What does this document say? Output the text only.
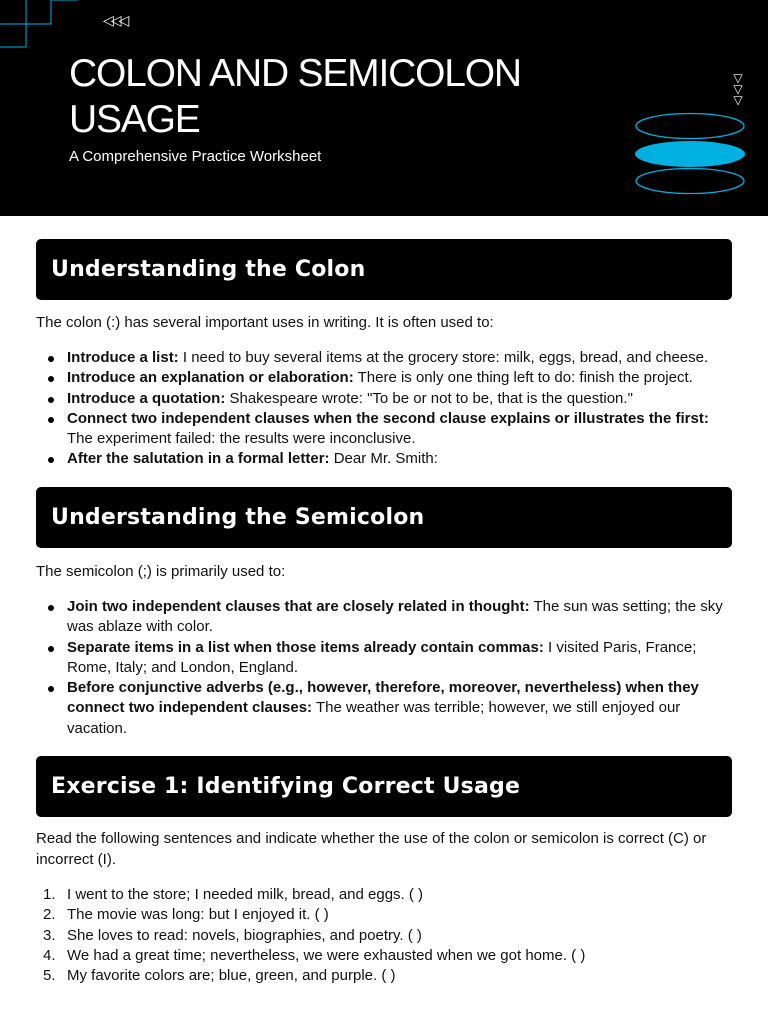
◁◁◁
COLON AND SEMICOLON USAGE
A Comprehensive Practice Worksheet
▽
▽
▽
Understanding the Colon

The colon (:) has several important uses in writing. It is often used to:

Introduce a list: I need to buy several items at the grocery store: milk, eggs, bread, and cheese.
Introduce an explanation or elaboration: There is only one thing left to do: finish the project.
Introduce a quotation: Shakespeare wrote: "To be or not to be, that is the question."
Connect two independent clauses when the second clause explains or illustrates the first: The experiment failed: the results were inconclusive.
After the salutation in a formal letter: Dear Mr. Smith:
Understanding the Semicolon

The semicolon (;) is primarily used to:

Join two independent clauses that are closely related in thought: The sun was setting; the sky was ablaze with color.
Separate items in a list when those items already contain commas: I visited Paris, France; Rome, Italy; and London, England.
Before conjunctive adverbs (e.g., however, therefore, moreover, nevertheless) when they connect two independent clauses: The weather was terrible; however, we still enjoyed our vacation.
Exercise 1: Identifying Correct Usage

Read the following sentences and indicate whether the use of the colon or semicolon is correct (C) or incorrect (I).

1. I went to the store; I needed milk, bread, and eggs. ( )
2. The movie was long: but I enjoyed it. ( )
3. She loves to read: novels, biographies, and poetry. ( )
4. We had a great time; nevertheless, we were exhausted when we got home. ( )
5. My favorite colors are; blue, green, and purple. ( )
